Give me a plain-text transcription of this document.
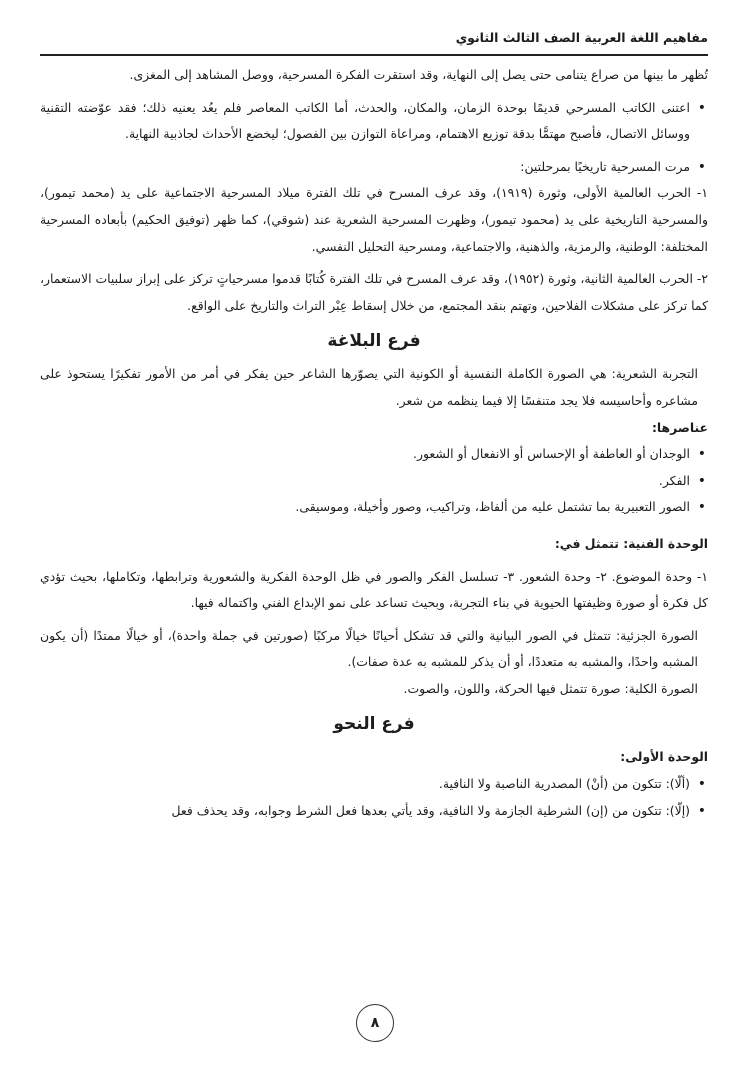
مفاهيم اللغة العربية الصف الثالث الثانوي

تُظهر ما بينها من صراع يتنامى حتى يصل إلى النهاية، وقد استقرت الفكرة المسرحية، ووصل المشاهد إلى المغزى.

• اعتنى الكاتب المسرحي قديمًا بوحدة الزمان، والمكان، والحدث، أما الكاتب المعاصر فلم يعُد يعنيه ذلك؛ فقد عوّضته التقنية ووسائل الاتصال، فأصبح مهتمًّا بدقة توزيع الاهتمام، ومراعاة التوازن بين الفصول؛ ليخضع الأحداث لجاذبية النهاية.

• مرت المسرحية تاريخيًا بمرحلتين:

١- الحرب العالمية الأولى، وثورة (١٩١٩)، وقد عرف المسرح في تلك الفترة ميلاد المسرحية الاجتماعية على يد (محمد تيمور)، والمسرحية التاريخية على يد (محمود تيمور)، وظهرت المسرحية الشعرية عند (شوقي)، كما ظهر (توفيق الحكيم) بأبعاده المسرحية المختلفة: الوطنية، والرمزية، والذهنية، والاجتماعية، ومسرحية التحليل النفسي.

٢- الحرب العالمية الثانية، وثورة (١٩٥٢)، وقد عرف المسرح في تلك الفترة كُتابًا قدموا مسرحياتٍ تركز على إبراز سلبيات الاستعمار، كما تركز على مشكلات الفلاحين، وتهتم بنقد المجتمع، من خلال إسقاط عِبْر التراث والتاريخ على الواقع.

فرع البلاغة

التجربة الشعرية: هي الصورة الكاملة النفسية أو الكونية التي يصوّرها الشاعر حين يفكر في أمر من الأمور تفكيرًا يستحوذ على مشاعره وأحاسيسه فلا يجد متنفسًا إلا فيما ينظمه من شعر.

عناصرها:

• الوجدان أو العاطفة أو الإحساس أو الانفعال أو الشعور.

• الفكر.

• الصور التعبيرية بما تشتمل عليه من ألفاظ، وتراكيب، وصور وأخيلة، وموسيقى.

الوحدة الفنية: تتمثل في:

١- وحدة الموضوع. ٢- وحدة الشعور. ٣- تسلسل الفكر والصور في ظل الوحدة الفكرية والشعورية وترابطها، وتكاملها، بحيث تؤدي كل فكرة أو صورة وظيفتها الحيوية في بناء التجربة، وبحيث تساعد على نمو الإبداع الفني واكتماله فيها.

الصورة الجزئية: تتمثل في الصور البيانية والتي قد تشكل أحيانًا خيالًا مركبًا (صورتين في جملة واحدة)، أو خيالًا ممتدًا (أن يكون المشبه واحدًا، والمشبه به متعددًا، أو أن يذكر للمشبه به عدة صفات).

الصورة الكلية: صورة تتمثل فيها الحركة، واللون، والصوت.

فرع النحو

الوحدة الأولى:

• (ألّا): تتكون من (أنْ) المصدرية الناصبة ولا النافية.

• (إلّا): تتكون من (إن) الشرطية الجازمة ولا النافية، وقد يأتي بعدها فعل الشرط وجوابه، وقد يحذف فعل

٨
